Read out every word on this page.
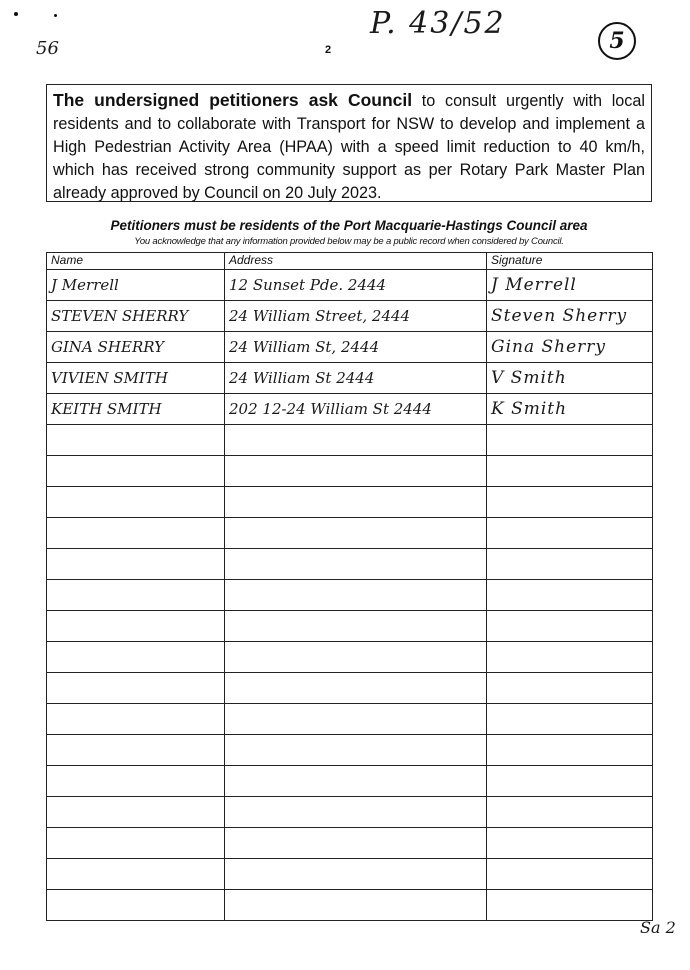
56	2
P. 43/52	5
The undersigned petitioners ask Council to consult urgently with local residents and to collaborate with Transport for NSW to develop and implement a High Pedestrian Activity Area (HPAA) with a speed limit reduction to 40 km/h, which has received strong community support as per Rotary Park Master Plan already approved by Council on 20 July 2023.
Petitioners must be residents of the Port Macquarie-Hastings Council area
You acknowledge that any information provided below may be a public record when considered by Council.
Name	Address	Signature
J Merrell	12 Sunset Pde. 2444	J Merrell
STEVEN SHERRY	24 William Street, 2444	Steven Sherry
GINA SHERRY	24 William St, 2444	Gina Sherry
VIVIEN SMITH	24 William St 2444	V Smith
KEITH SMITH	202 12-24 William St 2444	K Smith

Sa 2
